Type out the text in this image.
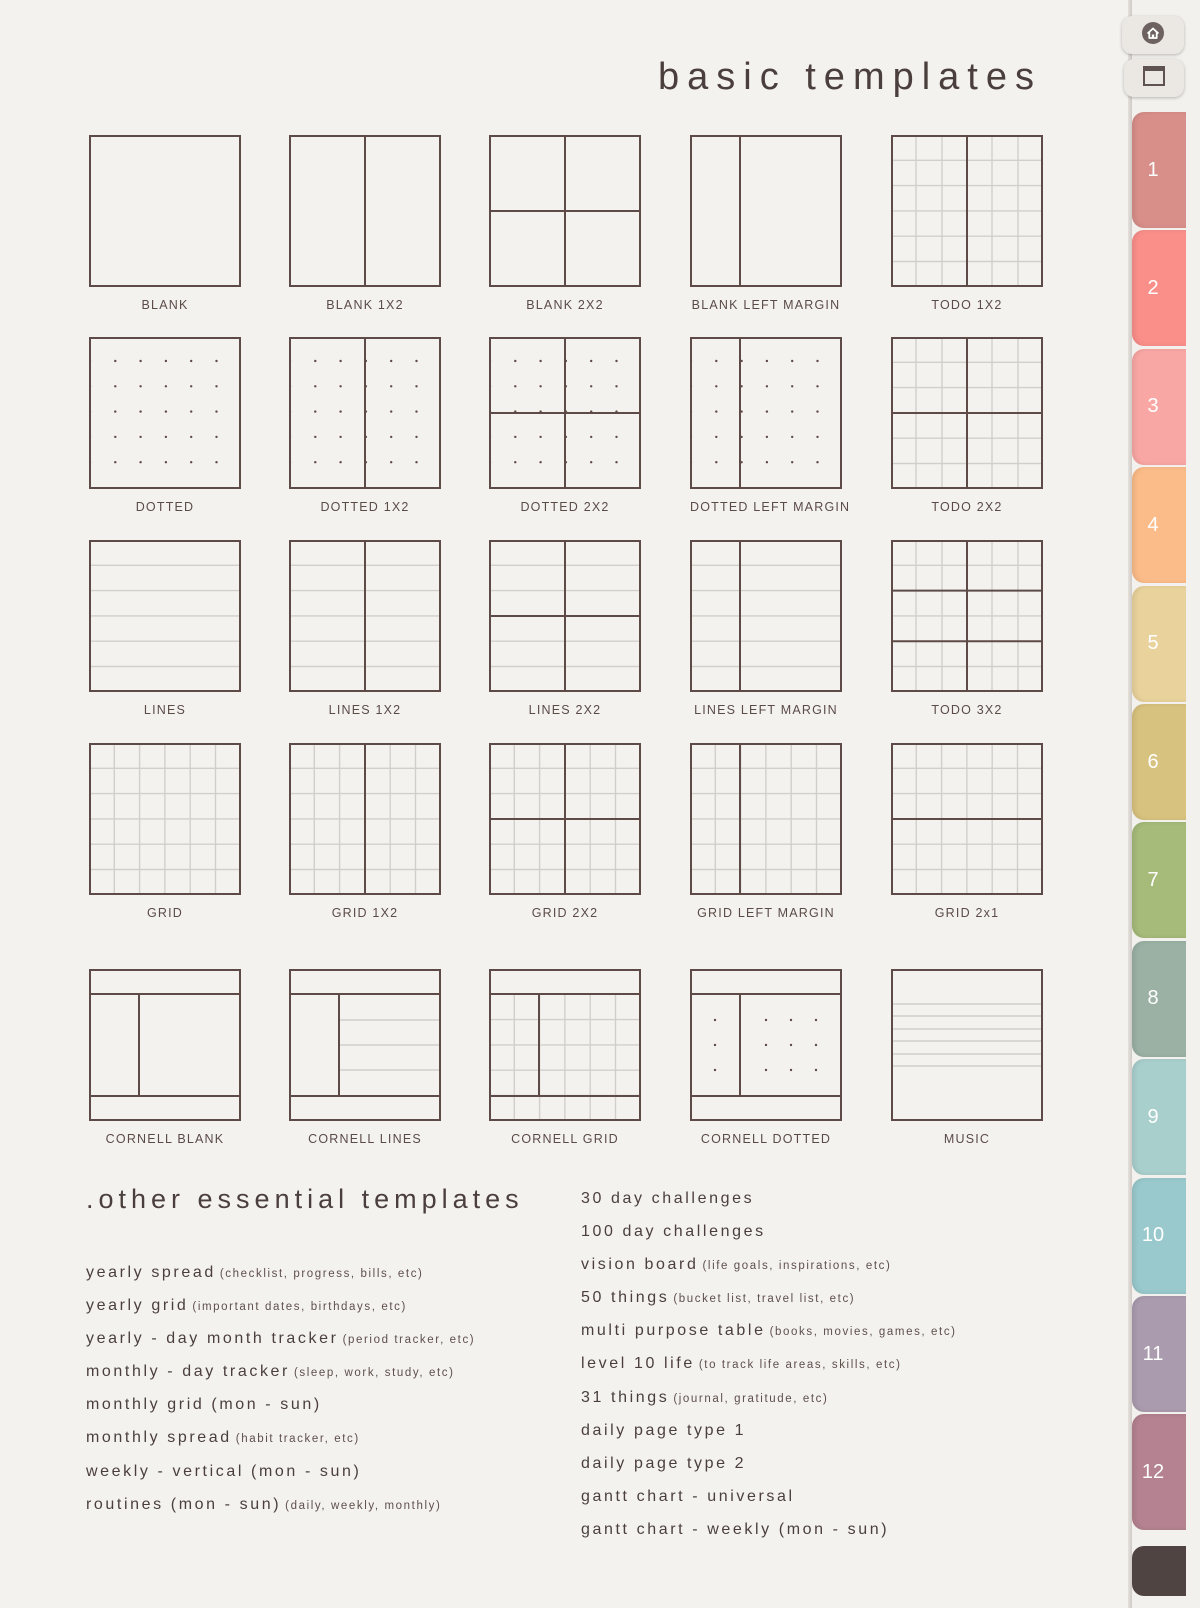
basic templates
BLANK	BLANK 1X2	BLANK 2X2	BLANK LEFT MARGIN	TODO 1X2
DOTTED	DOTTED 1X2	DOTTED 2X2	DOTTED LEFT MARGIN	TODO 2X2
LINES	LINES 1X2	LINES 2X2	LINES LEFT MARGIN	TODO 3X2
GRID	GRID 1X2	GRID 2X2	GRID LEFT MARGIN	GRID 2x1
CORNELL BLANK	CORNELL LINES	CORNELL GRID	CORNELL DOTTED	MUSIC
.other essential templates
yearly spread (checklist, progress, bills, etc)
yearly grid (important dates, birthdays, etc)
yearly - day month tracker (period tracker, etc)
monthly - day tracker (sleep, work, study, etc)
monthly grid (mon - sun)
monthly spread (habit tracker, etc)
weekly - vertical (mon - sun)
routines (mon - sun) (daily, weekly, monthly)
30 day challenges
100 day challenges
vision board (life goals, inspirations, etc)
50 things (bucket list, travel list, etc)
multi purpose table (books, movies, games, etc)
level 10 life (to track life areas, skills, etc)
31 things (journal, gratitude, etc)
daily page type 1
daily page type 2
gantt chart - universal
gantt chart - weekly (mon - sun)
1
2
3
4
5
6
7
8
9
10
11
12
